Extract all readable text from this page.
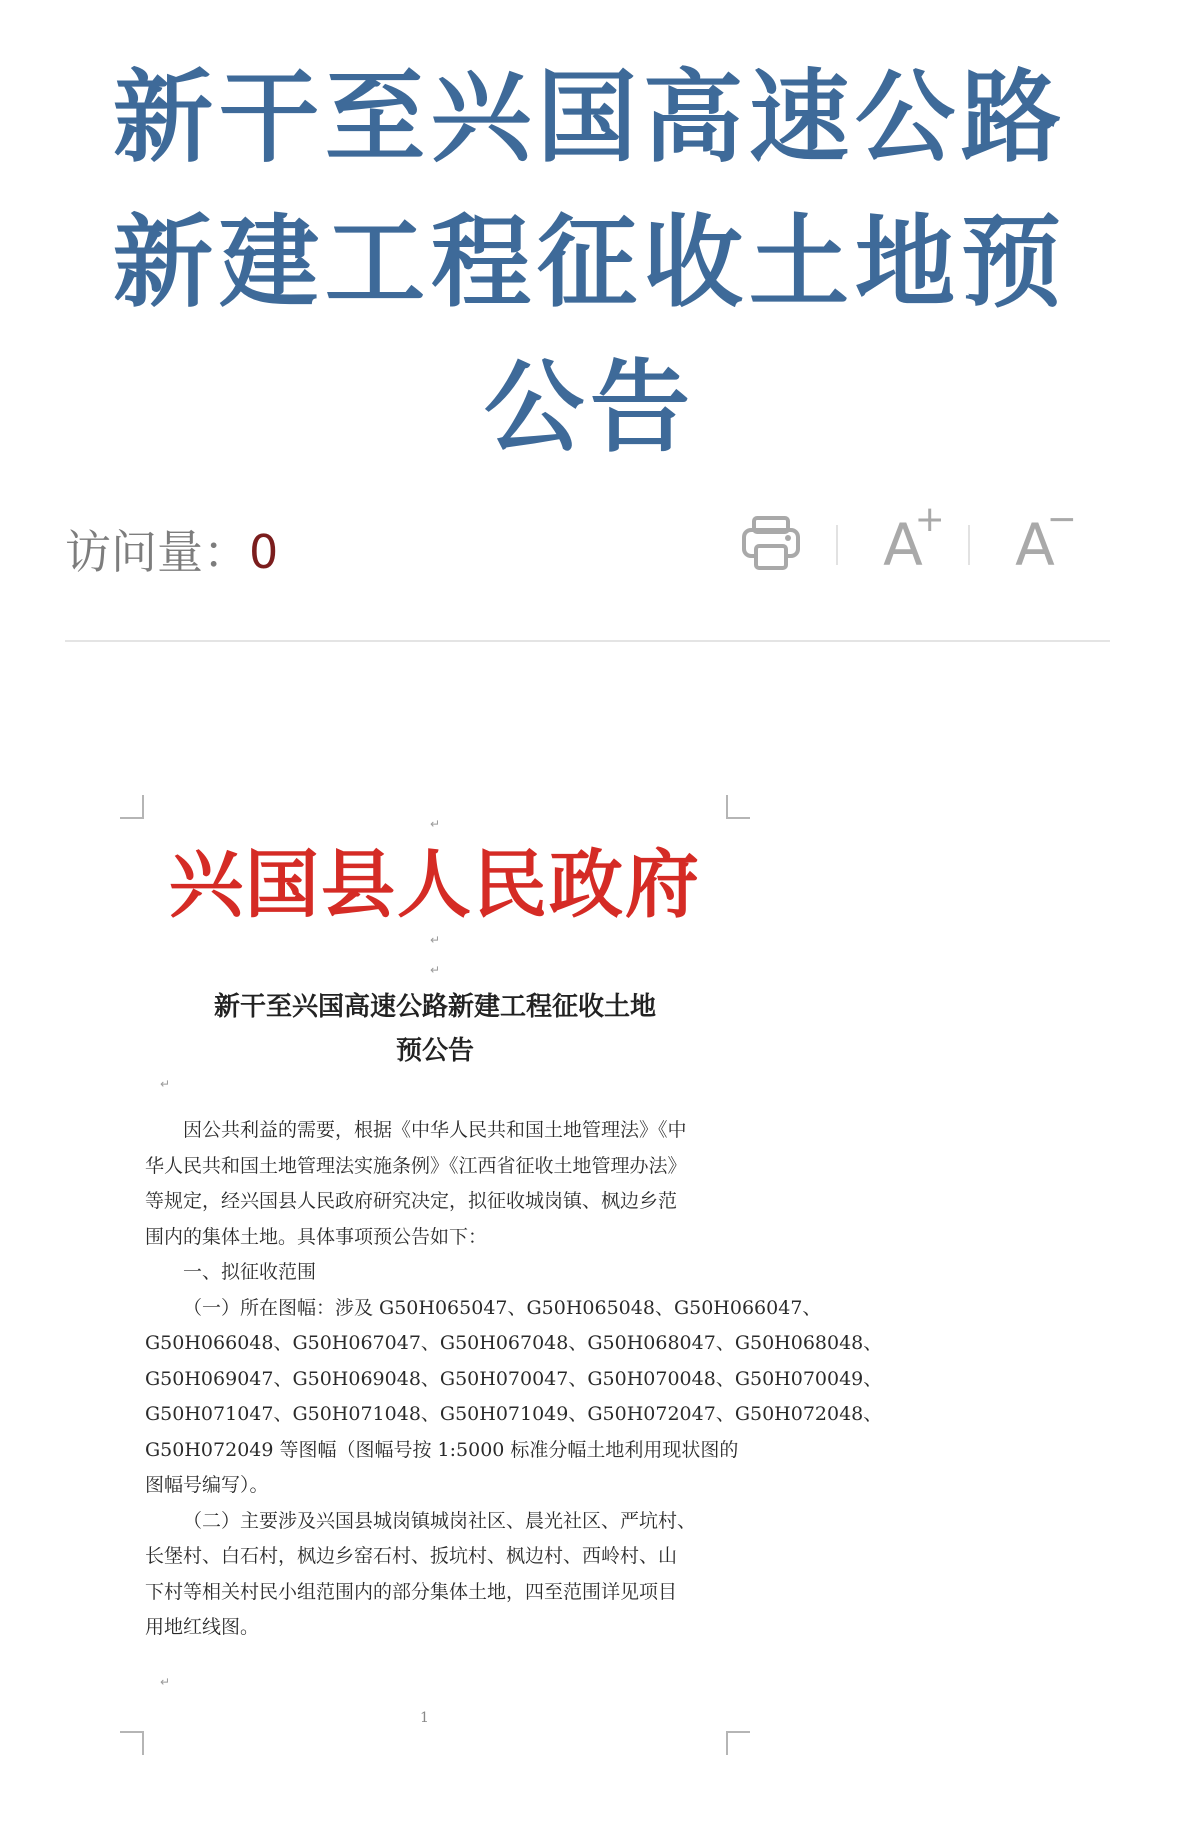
新干至兴国高速公路
新建工程征收土地预
公告
访问量：0	A
+ A
−
↵
兴国县人民政府
↵
↵
新干至兴国高速公路新建工程征收土地
预公告
↵
因公共利益的需要，根据《中华人民共和国土地管理法》《中
华人民共和国土地管理法实施条例》《江西省征收土地管理办法》
等规定，经兴国县人民政府研究决定，拟征收城岗镇、枫边乡范
围内的集体土地。具体事项预公告如下：
一、拟征收范围
（一）所在图幅：涉及 G50H065047、G50H065048、G50H066047、
G50H066048、G50H067047、G50H067048、G50H068047、G50H068048、
G50H069047、G50H069048、G50H070047、G50H070048、G50H070049、
G50H071047、G50H071048、G50H071049、G50H072047、G50H072048、
G50H072049 等图幅（图幅号按 1:5000 标准分幅土地利用现状图的
图幅号编写）。
（二）主要涉及兴国县城岗镇城岗社区、晨光社区、严坑村、
长堡村、白石村，枫边乡窑石村、扳坑村、枫边村、西岭村、山
下村等相关村民小组范围内的部分集体土地，四至范围详见项目
用地红线图。
↵
1
